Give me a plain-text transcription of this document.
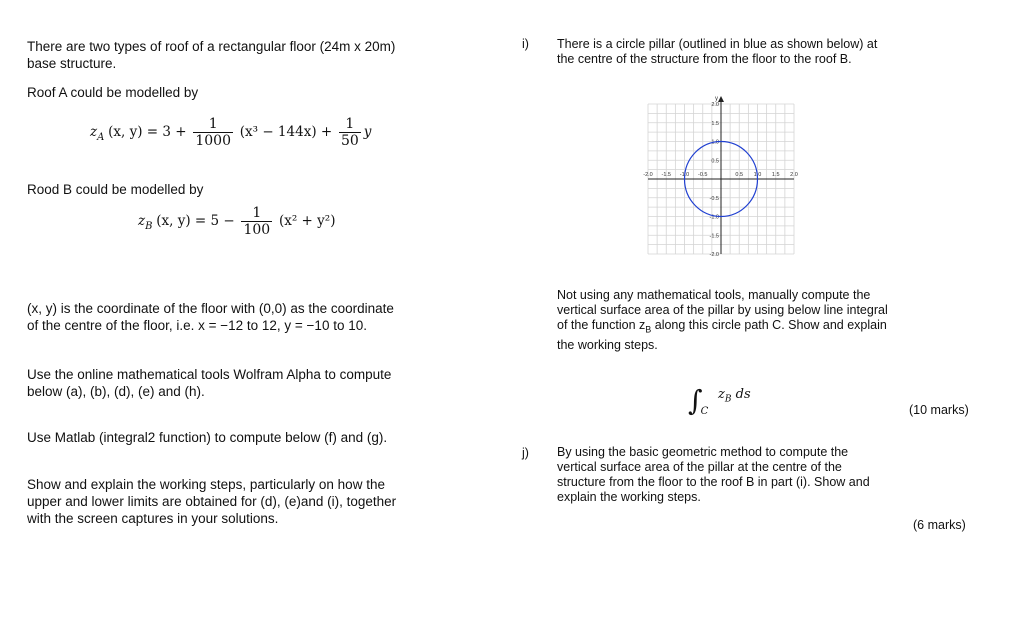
There are two types of roof of a rectangular floor (24m x 20m)
base structure.
Roof A could be modelled by
$z_A$ (x, $y) = 3 + \frac{1}{1000} (x^3 - 144x) + \frac{1}{50}$ y
Rood B could be modelled by
$z_B$ (x, $y) = 5 - \frac{1}{100} (x^2 + y^2)$
(x, y) is the coordinate of the floor with (0,0) as the coordinate
of the centre of the floor, i.e. x = −12 to 12, y = −10 to 10.
Use the online mathematical tools Wolfram Alpha to compute
below (a), (b), (d), (e) and (h).
Use Matlab (integral2 function) to compute below (f) and (g).
Show and explain the working steps, particularly on how the
upper and lower limits are obtained for (d), (e)and (i), together
with the screen captures in your solutions.
i) There is a circle pillar (outlined in blue as shown below) at
the centre of the structure from the floor to the roof B.
y
-2.0 -1.5 -1.0 -0.5	0.5 1.0 1.5 2.0
2.0
1.5
1.0
0.5
-0.5
-1.0
-1.5
-2.0
Not using any mathematical tools, manually compute the
vertical surface area of the pillar by using below line integral
of the function $z_B$ along this circle path C. Show and explain
the working steps.
$\int_C$ $z_B$ ds
(10 marks)
j) By using the basic geometric method to compute the
vertical surface area of the pillar at the centre of the
structure from the floor to the roof B in part (i). Show and
explain the working steps.
(6 marks)
